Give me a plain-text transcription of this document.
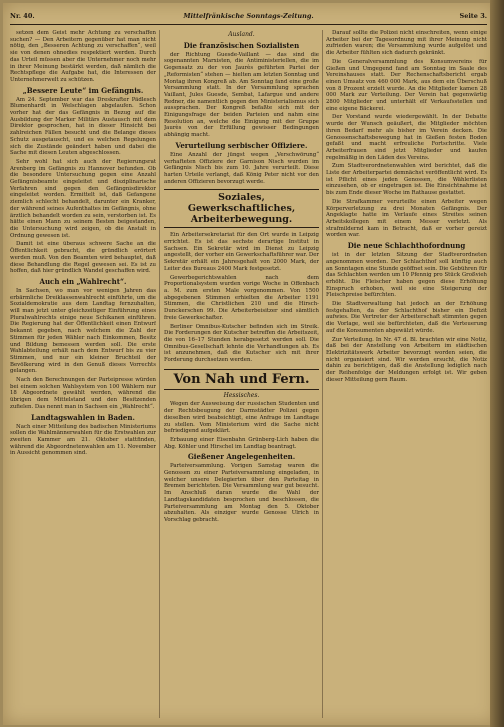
Nr. 40.	Mittelfränkische Sonntags-Zeitung.	Seite 3.

setzen dem Geist mehr Achtung zu verschaffen suchen? — Den Arbeitern gegenüber hat man nicht nötig, den „Besseren Achtung zu verschaffen“, weil sie von denen ohnedies respektiert werden. Durch das Urteil müssen aber die Unternehmer noch mehr in ihrer Meinung bestärkt werden, daß nämlich die Rechtspflege die Aufgabe hat, die Interessen der Unternehmerwelt zu schützen.

„Bessere Leute“ im Gefängnis.

Am 24. September war das Dreskrafter Pädlesch Blumenhardt in Welschlagen abgelaufen. Schon vorher hat der das Gefängnis in Bezug auf die Ausbildung der Marker Militärs Austausch mit dem Direktor gesprochen, hat in dieser Hinsicht bei zahlreichen Fällen besucht und die Belange dieses Schutz ausgetauscht, und es welchen Regelungen sich die Zustände geändert haben und dabei die Sache mit diesen Leuten abgeschlossen.

Sehr wohl hat sich auch der Regierungsrat Arenberg im Gefängnis zu Hannover befunden. Ob die besondere Untersuchung gegen eine Anzahl Gefängnisbeamte eingeleitet und disziplinarische Verfahren sind gegen den Gefängnisdirektor eingeleitet worden. Ermittelt ist, daß Gefangene ziemlich schlecht behandelt, darunter ein Kranker, der während seines Aufenthaltes im Gefängnis, ohne ärztlich behandelt worden zu sein, verstorben ist. Es hätte einen Mann zu seinem Besten beigestanden, die Untersuchung wird zeigen, ob die Anstalt in Ordnung gewesen ist.

Damit ist eine überaus schwere Sache an die Öffentlichkeit gebracht, die gründlich erörtert werden muß. Von den Beamten wird behauptet, daß diese Behandlung die Regel gewesen sei. Es ist zu hoffen, daß hier gründlich Wandel geschaffen wird.

Auch ein „Wahlrecht“.

In Sachsen, wo man vor wenigen Jahren das erbärmliche Dreiklassenwahlrecht einführte, um die Sozialdemokratie aus dem Landtag fernzuhalten, will man jetzt unter gleichzeitiger Einführung eines Pluralwahlrechts einige neue Schikanen einführen. Die Regierung hat der Öffentlichkeit einen Entwurf bekannt gegeben, nach welchem die Zahl der Stimmen für jeden Wähler nach Einkommen, Besitz und Bildung bemessen werden soll. Die erste Wahlabteilung erhält nach dem Entwurf bis zu vier Stimmen, und nur ein kleiner Bruchteil der Bevölkerung wird in den Genuß dieses Vorrechts gelangen.

Nach den Berechnungen der Parteipresse würden bei einem solchen Wahlsystem von 100 Wählern nur 18 Abgeordnete gewählt werden, während die übrigen dem Mittelstand und den Besitzenden zufielen. Das nennt man in Sachsen ein „Wahlrecht“.

Landtagswahlen in Baden.

Nach einer Mitteilung des badischen Ministeriums sollen die Wahlmännerwahlen für die Erstwahlen zur zweiten Kammer am 21. Oktober stattfinden, während die Abgeordnetenwahlen am 11. November in Aussicht genommen sind.

Ausland.
Die französischen Sozialisten

der Richtung Guesde-Vaillant — das sind die sogenannten Marxisten, die Antiministeriellen, die im Gegensatz zu der von Jaurès geführten Partei der „Reformisten“ stehen — hielten am letzten Sonntag und Montag ihren Kongreß ab. Am Sonntag fand eine große Versammlung statt. In der Versammlung sprachen Vaillant, Jules Guesde, Sembat, Lafargue und andere Redner, die namentlich gegen den Ministerialismus sich aussprachen. Der Kongreß befaßte sich mit der Einigungsfrage der beiden Parteien und nahm eine Resolution an, welche die Einigung mit der Gruppe Jaurès von der Erfüllung gewisser Bedingungen abhängig macht.

Verurteilung serbischer Offiziere.

Eine Anzahl der jüngst wegen „Verschwörung“ verhafteten Offiziere der Garnison Nisch wurden im Gefängnis Nisch bis zum 10. Jahre verurteilt. Diese harten Urteile verlangt, daß König Peter nicht vor den anderen Offizieren bevorzugt werde.

Soziales, Gewerkschaftliches, Arbeiterbewegung.

Ein Arbeitersekretariat für den Ort wurde in Leipzig errichtet. Es ist das sechste derartige Institut in Sachsen. Ein Sekretär wird im Dienst zu Leipzig angestellt, der vorher ein Gewerkschaftsführer war. Der Sekretär erhält ein Jahresgehalt von 2000 Mark, der Leiter des Bureaus 2400 Mark festgesetzt.

Gewerbegerichtswahlen nach dem Proportionalsystem wurden vorige Woche in Offenbach a. M. zum ersten Male vorgenommen. Von 1500 abgegebenen Stimmen erhielten die Arbeiter 1191 Stimmen, die Christlichen 210 und die Hirsch-Dunckerschen 99. Die Arbeiterbeisitzer sind sämtlich freie Gewerkschafter.

Berliner Omnibus-Kutscher befinden sich im Streik. Die Forderungen der Kutscher betreffen die Arbeitszeit, die von 16–17 Stunden herabgesetzt werden soll. Die Omnibus-Gesellschaft lehnte die Verhandlungen ab. Es ist anzunehmen, daß die Kutscher sich mit ihrer Forderung durchsetzen werden.

Von Nah und Fern.
Hessisches.

Wegen der Ausweisung der russischen Studenten und der Rechtsbeugung der Darmstädter Polizei gegen dieselben wird beabsichtigt, eine Anfrage im Landtage zu stellen. Vom Ministerium wird die Sache nicht befriedigend aufgeklärt.

Erbauung einer Eisenbahn Grünberg-Lich haben die Abg. Köhler und Hirschel im Landtag beantragt.

Gießener Angelegenheiten.

Parteiversammlung. Vorigen Samstag waren die Genossen zu einer Parteiversammlung eingeladen, in welcher unsere Delegierten über den Parteitag in Bremen berichteten. Die Versammlung war gut besucht. Im Anschluß daran wurde die Wahl der Landtagskandidaten besprochen und beschlossen, die Parteiversammlung am Montag den 5. Oktober abzuhalten. Als einziger wurde Genosse Ulrich in Vorschlag gebracht.

Darauf sollte die Polizei nicht einschreiten, wenn einige Arbeiter bei der Tagesordnung mit ihrer Meinung nicht zufrieden waren; die Versammlung wurde aufgelöst und die Arbeiter fühlten sich dadurch gekränkt.

Die Generalversammlung des Konsumvereins für Gießen und Umgegend fand am Sonntag im Saale des Vereinshauses statt. Der Rechenschaftsbericht ergab einen Umsatz von 460 000 Mark, aus dem ein Überschuß von 8 Prozent erzielt wurde. An die Mitglieder kamen 28 000 Mark zur Verteilung. Der Verein hat gegenwärtig 2800 Mitglieder und unterhält elf Verkaufsstellen und eine eigene Bäckerei.

Der Vorstand wurde wiedergewählt. In der Debatte wurde der Wunsch geäußert, die Mitglieder möchten ihren Bedarf mehr als bisher im Verein decken. Die Genossenschaftsbewegung hat in Gießen festen Boden gefaßt und macht erfreuliche Fortschritte. Viele Arbeiterfrauen sind jetzt Mitglieder und kaufen regelmäßig in den Läden des Vereins.

Zum Stadtverordnetenwahlen wird berichtet, daß die Liste der Arbeiterpartei demnächst veröffentlicht wird. Es ist Pflicht eines jeden Genossen, die Wählerlisten einzusehen, ob er eingetragen ist. Die Einsichtnahme ist bis zum Ende dieser Woche im Rathause gestattet.

Die Strafkammer verurteilte einen Arbeiter wegen Körperverletzung zu drei Monaten Gefängnis. Der Angeklagte hatte im Verlaufe eines Streites seinen Arbeitskollegen mit einem Messer verletzt. Als strafmildernd kam in Betracht, daß er vorher gereizt worden war.

Die neue Schlachthofordnung

ist in der letzten Sitzung der Stadtverordneten angenommen worden. Der Schlachthof soll künftig auch an Sonntagen eine Stunde geöffnet sein. Die Gebühren für das Schlachten werden um 10 Pfennig pro Stück Großvieh erhöht. Die Fleischer haben gegen diese Erhöhung Einspruch erhoben, weil sie eine Steigerung der Fleischpreise befürchten.

Die Stadtverwaltung hat jedoch an der Erhöhung festgehalten, da der Schlachthof bisher ein Defizit aufwies. Die Vertreter der Arbeiterschaft stimmten gegen die Vorlage, weil sie befürchteten, daß die Verteuerung auf die Konsumenten abgewälzt würde.

Zur Verteilung. In Nr. 47 d. Bl. brachten wir eine Notiz, daß bei der Anstellung von Arbeitern im städtischen Elektrizitätswerk Arbeiter bevorzugt worden seien, die nicht organisiert sind. Wir werden ersucht, die Notiz dahin zu berichtigen, daß die Anstellung lediglich nach der Reihenfolge der Meldungen erfolgt ist. Wir geben dieser Mitteilung gern Raum.
